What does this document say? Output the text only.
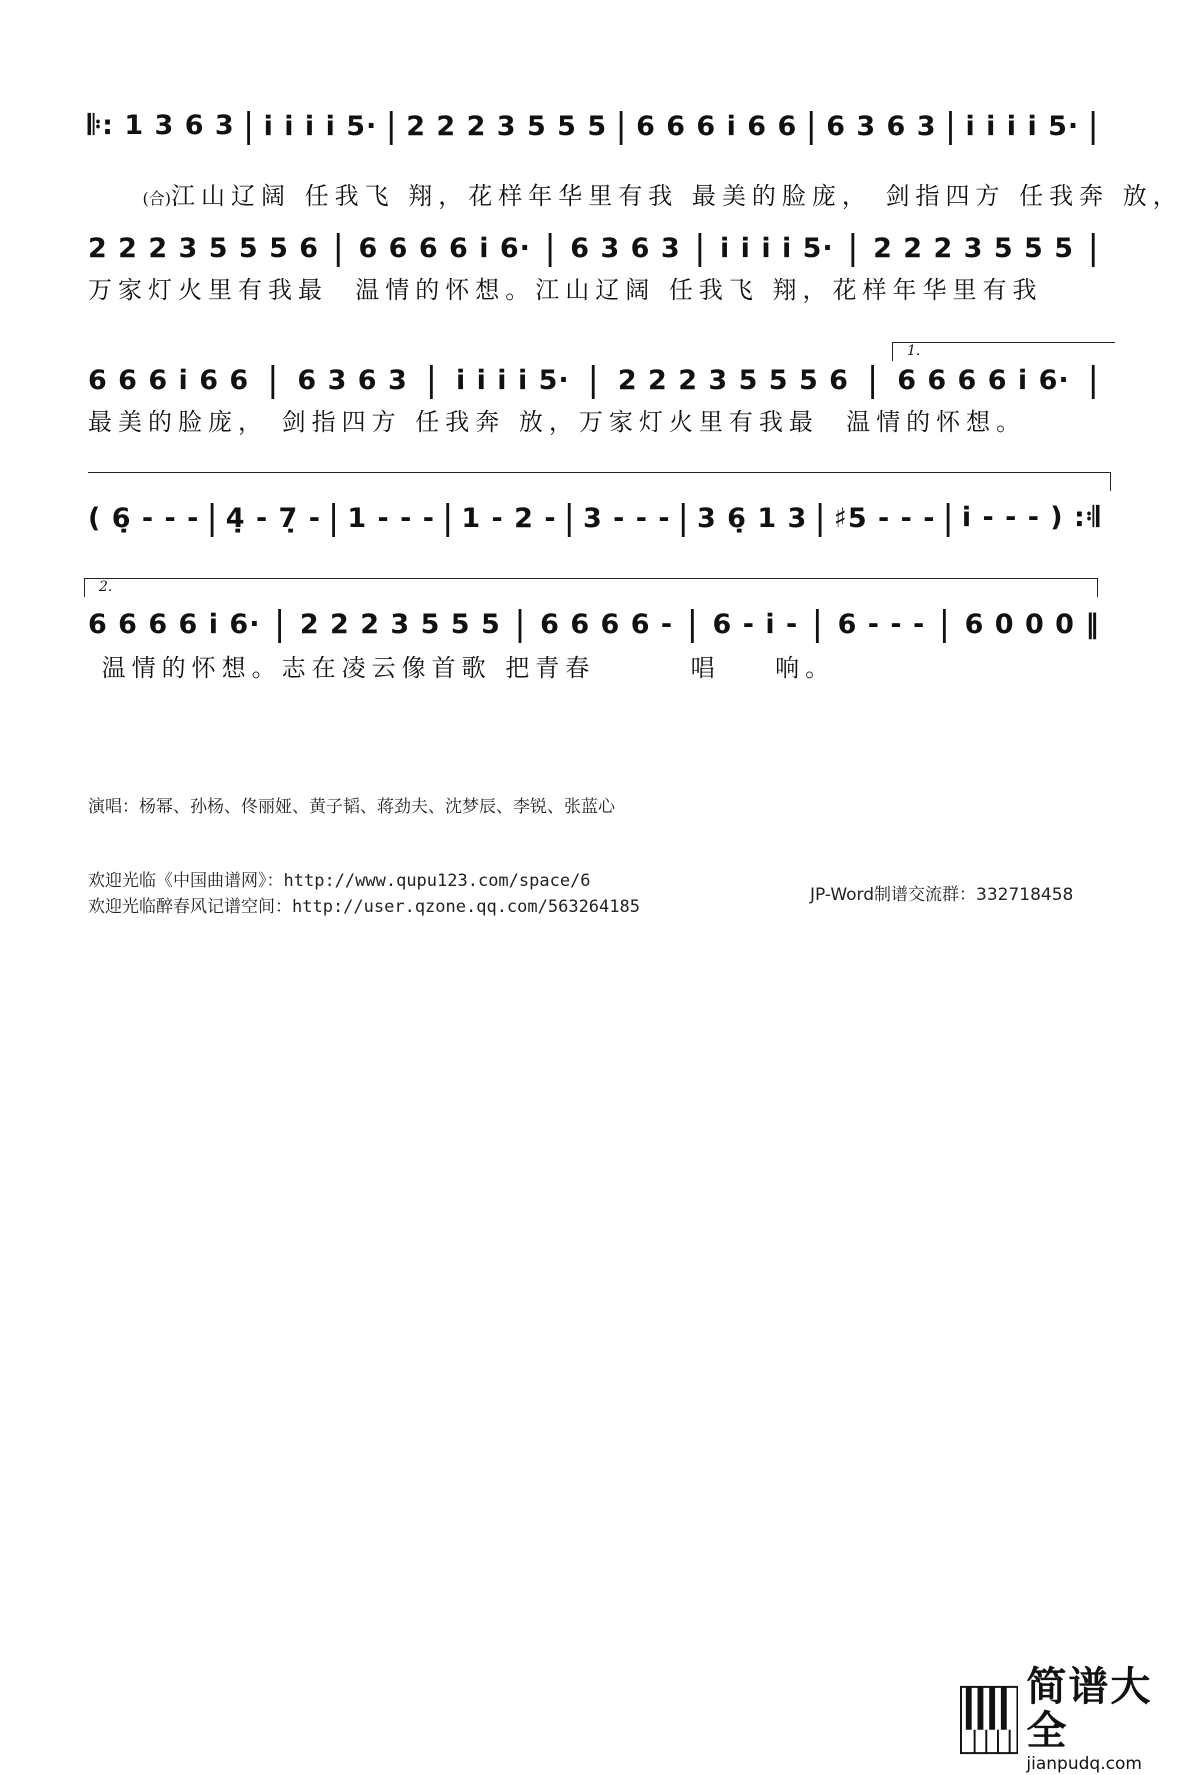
𝄆: 1 3 6 3 | i̇ i̇ i̇ i̇ 5· | 2 2 2 3 5 5 5 | 6 6 6 i̇ 6 6 | 6 3 6 3 | i̇ i̇ i̇ i̇ 5· |

(合)江山辽阔 任我飞 翔，花样年华里有我 最美的脸庞， 剑指四方 任我奔 放，

2 2 2 3 5 5 5 6 | 6 6 6 6 i̇ 6· | 6 3 6 3 | i̇ i̇ i̇ i̇ 5· | 2 2 2 3 5 5 5 |
万家灯火里有我最  温情的怀想。江山辽阔 任我飞 翔，花样年华里有我
1.
6 6 6 i̇ 6 6 | 6 3 6 3 | i̇ i̇ i̇ i̇ 5· | 2 2 2 3 5 5 5 6 | 6 6 6 6 i̇ 6· |
最美的脸庞， 剑指四方 任我奔 放，万家灯火里有我最  温情的怀想。
( 6̣ - - - | 4̣ - 7̣ - | 1 - - - | 1 - 2 - | 3 - - - | 3 6̣ 1 3 | ♯5 - - - | i̇ - - - ) :𝄇
2.
6 6 6 6 i̇ 6· | 2 2 2 3 5 5 5 | 6 6 6 6 - | 6 - i̇ - | 6 - - - | 6 0 0 0 ‖
温情的怀想。志在凌云像首歌 把青春       唱    响。
演唱：杨幂、孙杨、佟丽娅、黄子韬、蒋劲夫、沈梦辰、李锐、张蓝心
欢迎光临《中国曲谱网》：http://www.qupu123.com/space/6
欢迎光临醉春风记谱空间：http://user.qzone.qq.com/563264185
JP-Word制谱交流群：332718458
简谱大全
jianpudq.com
